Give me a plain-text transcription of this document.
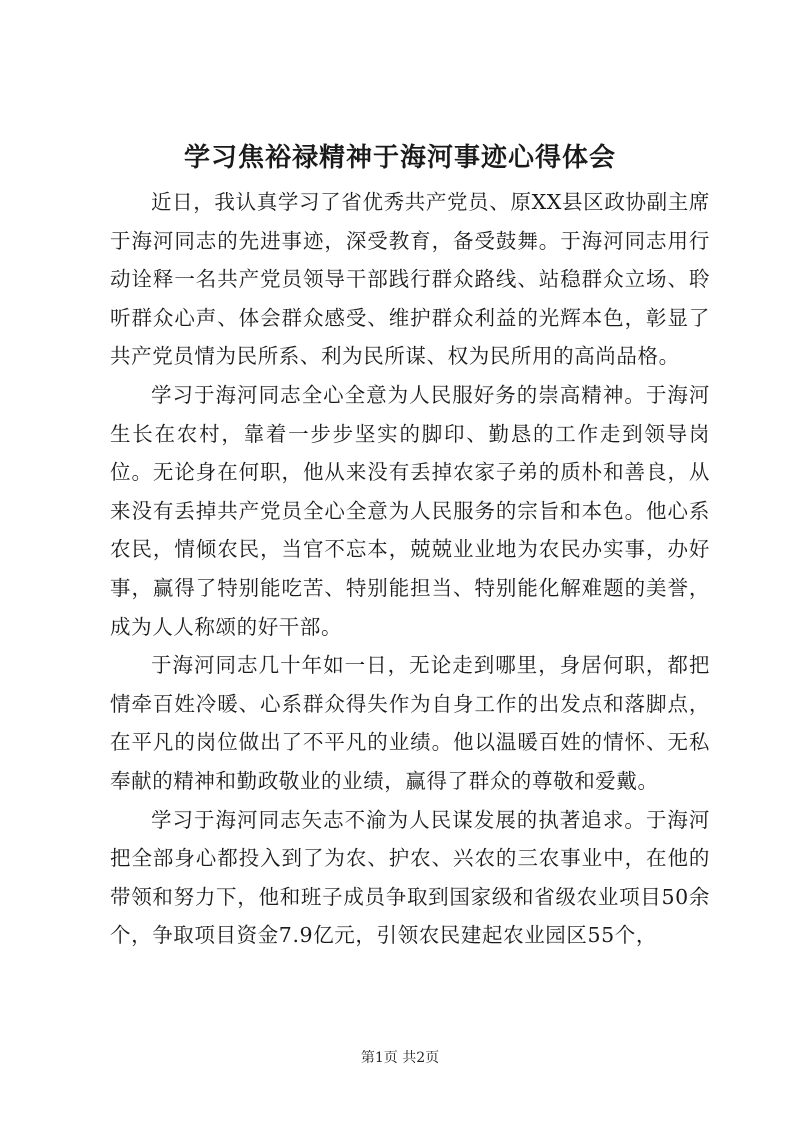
学习焦裕禄精神于海河事迹心得体会

近日，我认真学习了省优秀共产党员、原XX县区政协副主席于海河同志的先进事迹，深受教育，备受鼓舞。于海河同志用行动诠释一名共产党员领导干部践行群众路线、站稳群众立场、聆听群众心声、体会群众感受、维护群众利益的光辉本色，彰显了共产党员情为民所系、利为民所谋、权为民所用的高尚品格。

学习于海河同志全心全意为人民服好务的崇高精神。于海河生长在农村，靠着一步步坚实的脚印、勤恳的工作走到领导岗位。无论身在何职，他从来没有丢掉农家子弟的质朴和善良，从来没有丢掉共产党员全心全意为人民服务的宗旨和本色。他心系农民，情倾农民，当官不忘本，兢兢业业地为农民办实事，办好事，赢得了特别能吃苦、特别能担当、特别能化解难题的美誉，成为人人称颂的好干部。

于海河同志几十年如一日，无论走到哪里，身居何职，都把情牵百姓冷暖、心系群众得失作为自身工作的出发点和落脚点，在平凡的岗位做出了不平凡的业绩。他以温暖百姓的情怀、无私奉献的精神和勤政敬业的业绩，赢得了群众的尊敬和爱戴。

学习于海河同志矢志不渝为人民谋发展的执著追求。于海河把全部身心都投入到了为农、护农、兴农的三农事业中，在他的带领和努力下，他和班子成员争取到国家级和省级农业项目50余个，争取项目资金7.9亿元，引领农民建起农业园区55个，

第1页 共2页
